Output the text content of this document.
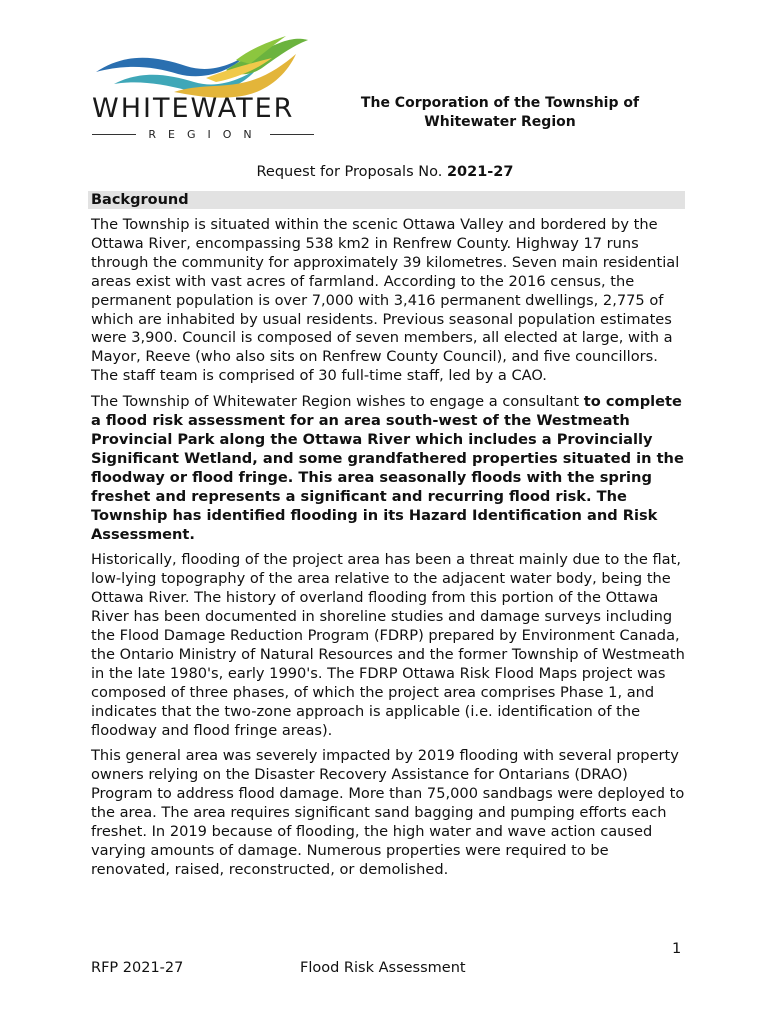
WHITEWATER
REGION
The Corporation of the Township of
Whitewater Region
Request for Proposals No. 2021-27
Background

The Township is situated within the scenic Ottawa Valley and bordered by the Ottawa River, encompassing 538 km2 in Renfrew County. Highway 17 runs through the community for approximately 39 kilometres. Seven main residential areas exist with vast acres of farmland. According to the 2016 census, the permanent population is over 7,000 with 3,416 permanent dwellings, 2,775 of which are inhabited by usual residents. Previous seasonal population estimates were 3,900. Council is composed of seven members, all elected at large, with a Mayor, Reeve (who also sits on Renfrew County Council), and five councillors. The staff team is comprised of 30 full-time staff, led by a CAO.

The Township of Whitewater Region wishes to engage a consultant to complete a flood risk assessment for an area south-west of the Westmeath Provincial Park along the Ottawa River which includes a Provincially Significant Wetland, and some grandfathered properties situated in the floodway or flood fringe. This area seasonally floods with the spring freshet and represents a significant and recurring flood risk. The Township has identified flooding in its Hazard Identification and Risk Assessment.

Historically, flooding of the project area has been a threat mainly due to the flat, low-lying topography of the area relative to the adjacent water body, being the Ottawa River. The history of overland flooding from this portion of the Ottawa River has been documented in shoreline studies and damage surveys including the Flood Damage Reduction Program (FDRP) prepared by Environment Canada, the Ontario Ministry of Natural Resources and the former Township of Westmeath in the late 1980's, early 1990's. The FDRP Ottawa Risk Flood Maps project was composed of three phases, of which the project area comprises Phase 1, and indicates that the two-zone approach is applicable (i.e. identification of the floodway and flood fringe areas).

This general area was severely impacted by 2019 flooding with several property owners relying on the Disaster Recovery Assistance for Ontarians (DRAO) Program to address flood damage. More than 75,000 sandbags were deployed to the area. The area requires significant sand bagging and pumping efforts each freshet. In 2019 because of flooding, the high water and wave action caused varying amounts of damage. Numerous properties were required to be renovated, raised, reconstructed, or demolished.

1
RFP 2021-27	Flood Risk Assessment
